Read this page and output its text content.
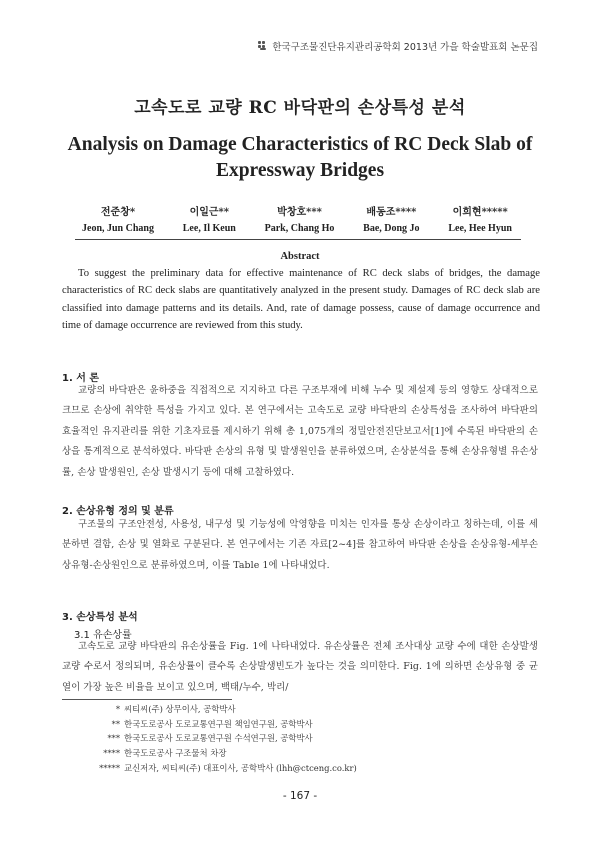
한국구조물진단유지관리공학회 2013년 가을 학술발표회 논문집
고속도로 교량 RC 바닥판의 손상특성 분석
Analysis on Damage Characteristics of RC Deck Slab of Expressway Bridges
전준창*
Jeon, Jun Chang
이일근**
Lee, Il Keun
박창호***
Park, Chang Ho
배동조****
Bae, Dong Jo
이희현*****
Lee, Hee Hyun
Abstract
To suggest the preliminary data for effective maintenance of RC deck slabs of bridges, the damage characteristics of RC deck slabs are quantitatively analyzed in the present study. Damages of RC deck slab are classified into damage patterns and its details. And, rate of damage possess, cause of damage occurrence and time of damage occurrence are reviewed from this study.
1. 서 론
교량의 바닥판은 윤하중을 직접적으로 지지하고 다른 구조부재에 비해 누수 및 제설제 등의 영향도 상대적으로 크므로 손상에 취약한 특성을 가지고 있다. 본 연구에서는 고속도로 교량 바닥판의 손상특성을 조사하여 바닥판의 효율적인 유지관리를 위한 기초자료를 제시하기 위해 총 1,075개의 정밀안전진단보고서[1]에 수록된 바닥판의 손상을 통계적으로 분석하였다. 바닥판 손상의 유형 및 발생원인을 분류하였으며, 손상분석을 통해 손상유형별 유손상률, 손상 발생원인, 손상 발생시기 등에 대해 고찰하였다.
2. 손상유형 정의 및 분류
구조물의 구조안전성, 사용성, 내구성 및 기능성에 악영향을 미치는 인자를 통상 손상이라고 칭하는데, 이를 세분하면 결함, 손상 및 열화로 구분된다. 본 연구에서는 기존 자료[2~4]를 참고하여 바닥판 손상을 손상유형-세부손상유형-손상원인으로 분류하였으며, 이를 Table 1에 나타내었다.
3. 손상특성 분석
3.1 유손상률
고속도로 교량 바닥판의 유손상률을 Fig. 1에 나타내었다. 유손상률은 전체 조사대상 교량 수에 대한 손상발생 교량 수로서 정의되며, 유손상률이 클수록 손상발생빈도가 높다는 것을 의미한다. Fig. 1에 의하면 손상유형 중 균열이 가장 높은 비율을 보이고 있으며, 백태/누수, 박리/
* 씨티씨(주) 상무이사, 공학박사
** 한국도로공사 도로교통연구원 책임연구원, 공학박사
*** 한국도로공사 도로교통연구원 수석연구원, 공학박사
**** 한국도로공사 구조물처 차장
***** 교신저자, 씨티씨(주) 대표이사, 공학박사 (lhh@ctceng.co.kr)
- 167 -
